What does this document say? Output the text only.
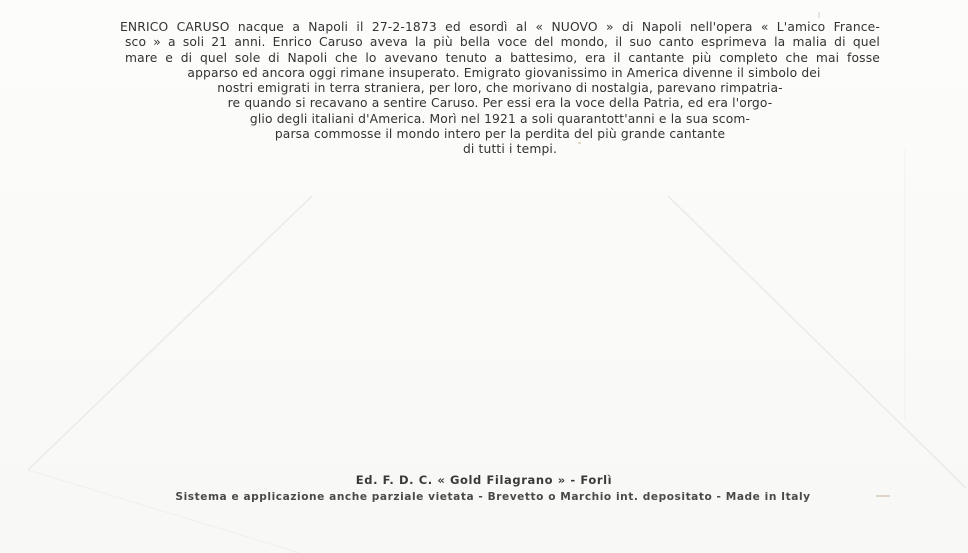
ENRICO CARUSO nacque a Napoli il 27-2-1873 ed esordì al « NUOVO » di Napoli nell'opera « L'amico France-
sco » a soli 21 anni. Enrico Caruso aveva la più bella voce del mondo, il suo canto esprimeva la malia di quel
mare e di quel sole di Napoli che lo avevano tenuto a battesimo, era il cantante più completo che mai fosse
apparso ed ancora oggi rimane insuperato. Emigrato giovanissimo in America divenne il simbolo dei
nostri emigrati in terra straniera, per loro, che morivano di nostalgia, parevano rimpatria-
re quando si recavano a sentire Caruso. Per essi era la voce della Patria, ed era l'orgo-
glio degli italiani d'America. Morì nel 1921 a soli quarantott'anni e la sua scom-
parsa commosse il mondo intero per la perdita del più grande cantante
di tutti i tempi.
Ed. F. D. C. « Gold Filagrano » - Forlì
Sistema e applicazione anche parziale vietata - Brevetto o Marchio int. depositato - Made in Italy
